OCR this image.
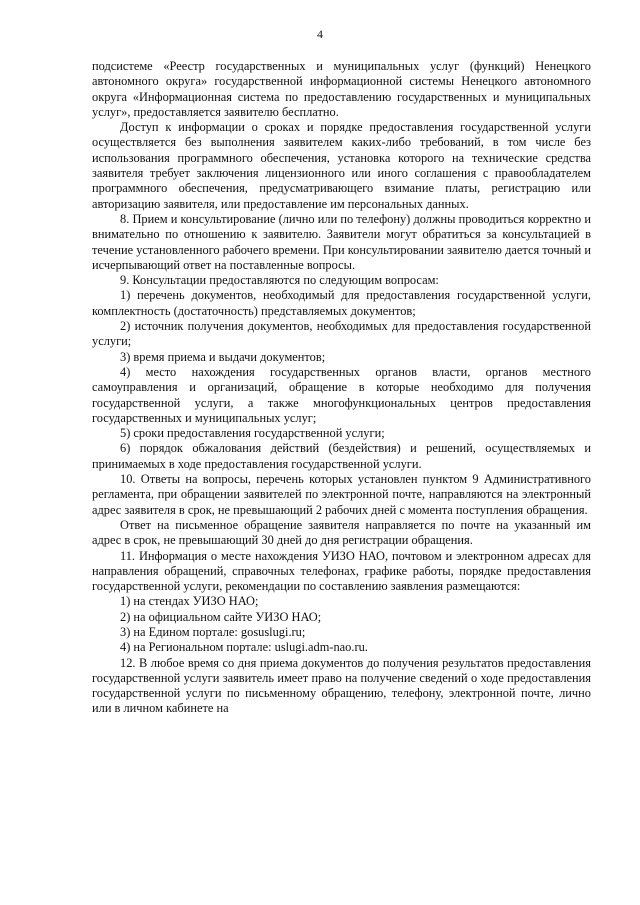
4

подсистеме «Реестр государственных и муниципальных услуг (функций) Ненецкого автономного округа» государственной информационной системы Ненецкого автономного округа «Информационная система по предоставлению государственных и муниципальных услуг», предоставляется заявителю бесплатно.

Доступ к информации о сроках и порядке предоставления государственной услуги осуществляется без выполнения заявителем каких-либо требований, в том числе без использования программного обеспечения, установка которого на технические средства заявителя требует заключения лицензионного или иного соглашения с правообладателем программного обеспечения, предусматривающего взимание платы, регистрацию или авторизацию заявителя, или предоставление им персональных данных.

8. Прием и консультирование (лично или по телефону) должны проводиться корректно и внимательно по отношению к заявителю. Заявители могут обратиться за консультацией в течение установленного рабочего времени. При консультировании заявителю дается точный и исчерпывающий ответ на поставленные вопросы.

9. Консультации предоставляются по следующим вопросам:

1) перечень документов, необходимый для предоставления государственной услуги, комплектность (достаточность) представляемых документов;

2) источник получения документов, необходимых для предоставления государственной услуги;

3) время приема и выдачи документов;

4) место нахождения государственных органов власти, органов местного самоуправления и организаций, обращение в которые необходимо для получения государственной услуги, а также многофункциональных центров предоставления государственных и муниципальных услуг;

5) сроки предоставления государственной услуги;

6) порядок обжалования действий (бездействия) и решений, осуществляемых и принимаемых в ходе предоставления государственной услуги.

10. Ответы на вопросы, перечень которых установлен пунктом 9 Административного регламента, при обращении заявителей по электронной почте, направляются на электронный адрес заявителя в срок, не превышающий 2 рабочих дней с момента поступления обращения.

Ответ на письменное обращение заявителя направляется по почте на указанный им адрес в срок, не превышающий 30 дней до дня регистрации обращения.

11. Информация о месте нахождения УИЗО НАО, почтовом и электронном адресах для направления обращений, справочных телефонах, графике работы, порядке предоставления государственной услуги, рекомендации по составлению заявления размещаются:

1) на стендах УИЗО НАО;

2) на официальном сайте УИЗО НАО;

3) на Едином портале: gosuslugi.ru;

4) на Региональном портале: uslugi.adm-nao.ru.

12. В любое время со дня приема документов до получения результатов предоставления государственной услуги заявитель имеет право на получение сведений о ходе предоставления государственной услуги по письменному обращению, телефону, электронной почте, лично или в личном кабинете на
